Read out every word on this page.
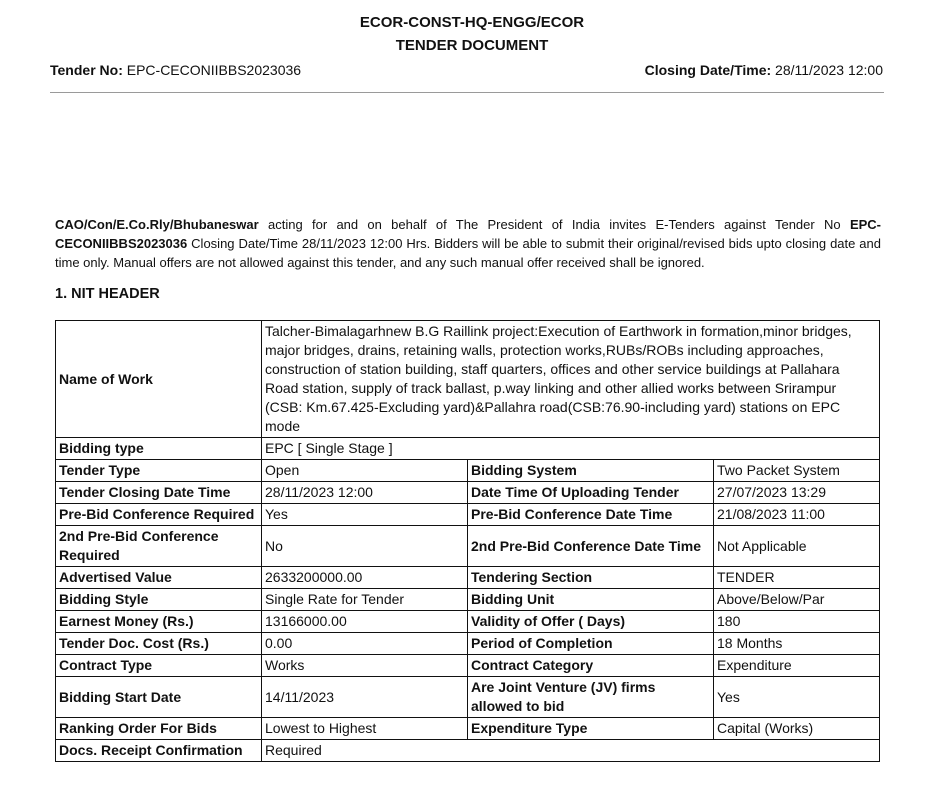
ECOR-CONST-HQ-ENGG/ECOR
TENDER DOCUMENT
Tender No: EPC-CECONIIBBS2023036	Closing Date/Time: 28/11/2023 12:00
CAO/Con/E.Co.Rly/Bhubaneswar acting for and on behalf of The President of India invites E-Tenders against Tender No EPC-CECONIIBBS2023036 Closing Date/Time 28/11/2023 12:00 Hrs. Bidders will be able to submit their original/revised bids upto closing date and time only. Manual offers are not allowed against this tender, and any such manual offer received shall be ignored.
1. NIT HEADER
Name of Work	Talcher-Bimalagarhnew B.G Raillink project:Execution of Earthwork in formation,minor bridges, major bridges, drains, retaining walls, protection works,RUBs/ROBs including approaches, construction of station building, staff quarters, offices and other service buildings at Pallahara Road station, supply of track ballast, p.way linking and other allied works between Srirampur (CSB: Km.67.425-Excluding yard)&Pallahra road(CSB:76.90-including yard) stations on EPC mode		
Bidding type	EPC [ Single Stage ]		
Tender Type	Open	Bidding System	Two Packet System
Tender Closing Date Time	28/11/2023 12:00	Date Time Of Uploading Tender	27/07/2023 13:29
Pre-Bid Conference Required	Yes	Pre-Bid Conference Date Time	21/08/2023 11:00
2nd Pre-Bid Conference Required	No	2nd Pre-Bid Conference Date Time	Not Applicable
Advertised Value	2633200000.00	Tendering Section	TENDER
Bidding Style	Single Rate for Tender	Bidding Unit	Above/Below/Par
Earnest Money (Rs.)	13166000.00	Validity of Offer ( Days)	180
Tender Doc. Cost (Rs.)	0.00	Period of Completion	18 Months
Contract Type	Works	Contract Category	Expenditure
Bidding Start Date	14/11/2023	Are Joint Venture (JV) firms allowed to bid	Yes
Ranking Order For Bids	Lowest to Highest	Expenditure Type	Capital (Works)
Docs. Receipt Confirmation	Required		
